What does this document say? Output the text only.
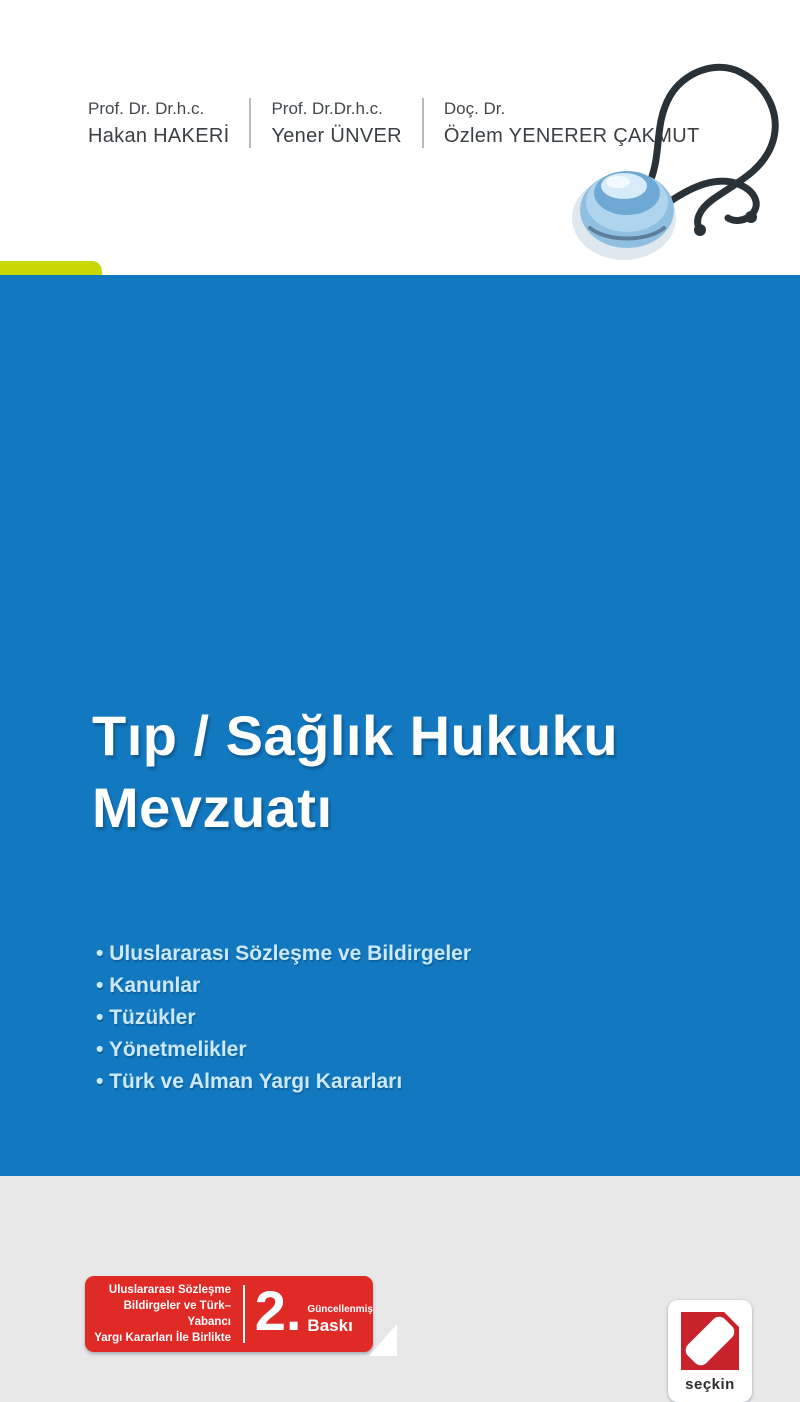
Prof. Dr. Dr.h.c.
Hakan HAKERİ
Prof. Dr.Dr.h.c.
Yener ÜNVER
Doç. Dr.
Özlem YENERER ÇAKMUT
Tıp / Sağlık Hukuku
Mevzuatı
• Uluslararası Sözleşme ve Bildirgeler
• Kanunlar
• Tüzükler
• Yönetmelikler
• Türk ve Alman Yargı Kararları
Uluslararası Sözleşme
Bildirgeler ve Türk–Yabancı
Yargı Kararları İle Birlikte 2. Güncellenmiş
Baskı
seçkin
